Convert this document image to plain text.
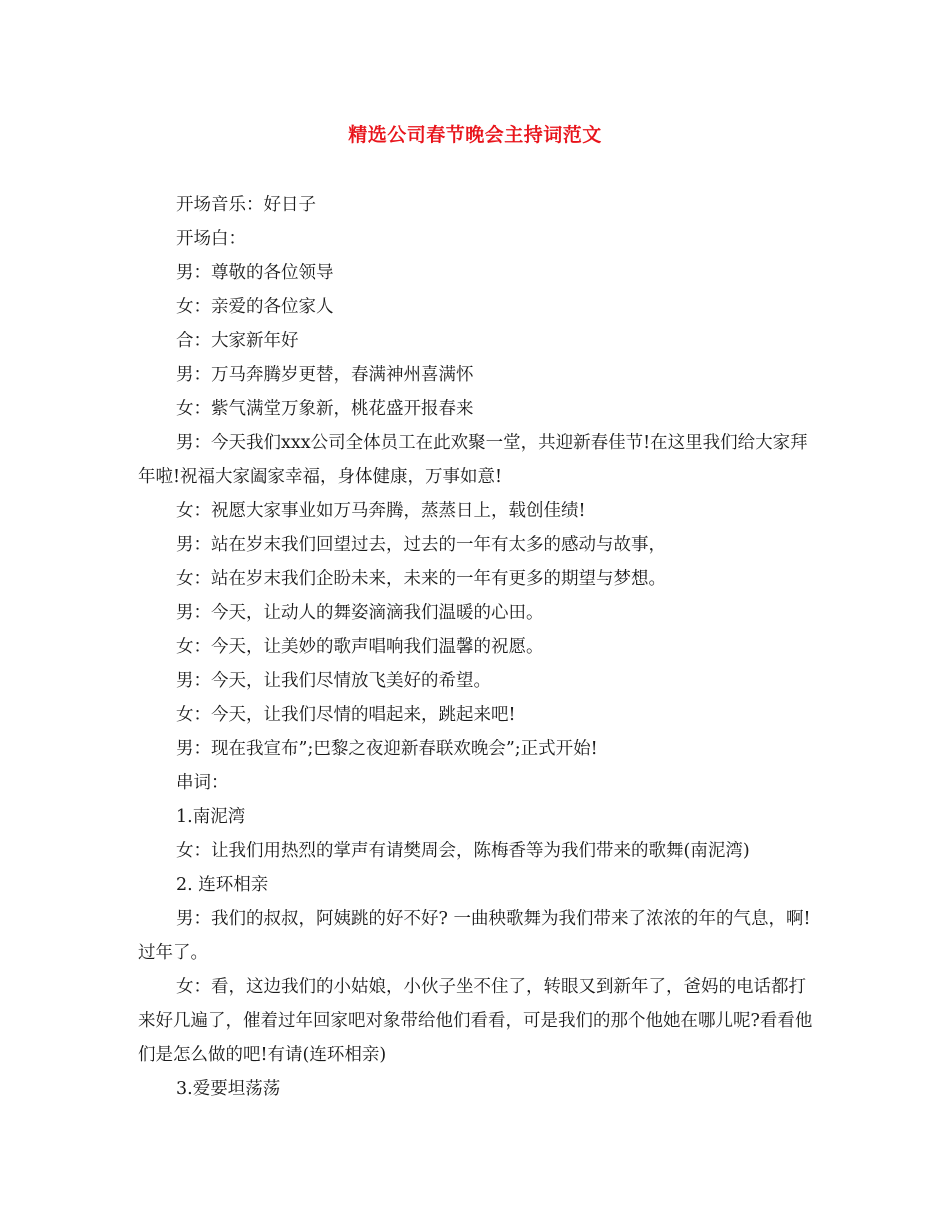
精选公司春节晚会主持词范文

开场音乐：好日子

开场白：

男：尊敬的各位领导

女：亲爱的各位家人

合：大家新年好

男：万马奔腾岁更替，春满神州喜满怀

女：紫气满堂万象新，桃花盛开报春来

男：今天我们xxx公司全体员工在此欢聚一堂，共迎新春佳节!在这里我们给大家拜年啦!祝福大家阖家幸福，身体健康，万事如意!

女：祝愿大家事业如万马奔腾，蒸蒸日上，载创佳绩!

男：站在岁末我们回望过去，过去的一年有太多的感动与故事，

女：站在岁末我们企盼未来，未来的一年有更多的期望与梦想。

男：今天，让动人的舞姿滴滴我们温暖的心田。

女：今天，让美妙的歌声唱响我们温馨的祝愿。

男：今天，让我们尽情放飞美好的希望。

女：今天，让我们尽情的唱起来，跳起来吧!

男：现在我宣布”;巴黎之夜迎新春联欢晚会”;正式开始!

串词：

1.南泥湾

女：让我们用热烈的掌声有请樊周会，陈梅香等为我们带来的歌舞(南泥湾)

2. 连环相亲

男：我们的叔叔，阿姨跳的好不好? 一曲秧歌舞为我们带来了浓浓的年的气息，啊!过年了。

女：看，这边我们的小姑娘，小伙子坐不住了，转眼又到新年了，爸妈的电话都打来好几遍了，催着过年回家吧对象带给他们看看，可是我们的那个他她在哪儿呢?看看他们是怎么做的吧!有请(连环相亲)

3.爱要坦荡荡
